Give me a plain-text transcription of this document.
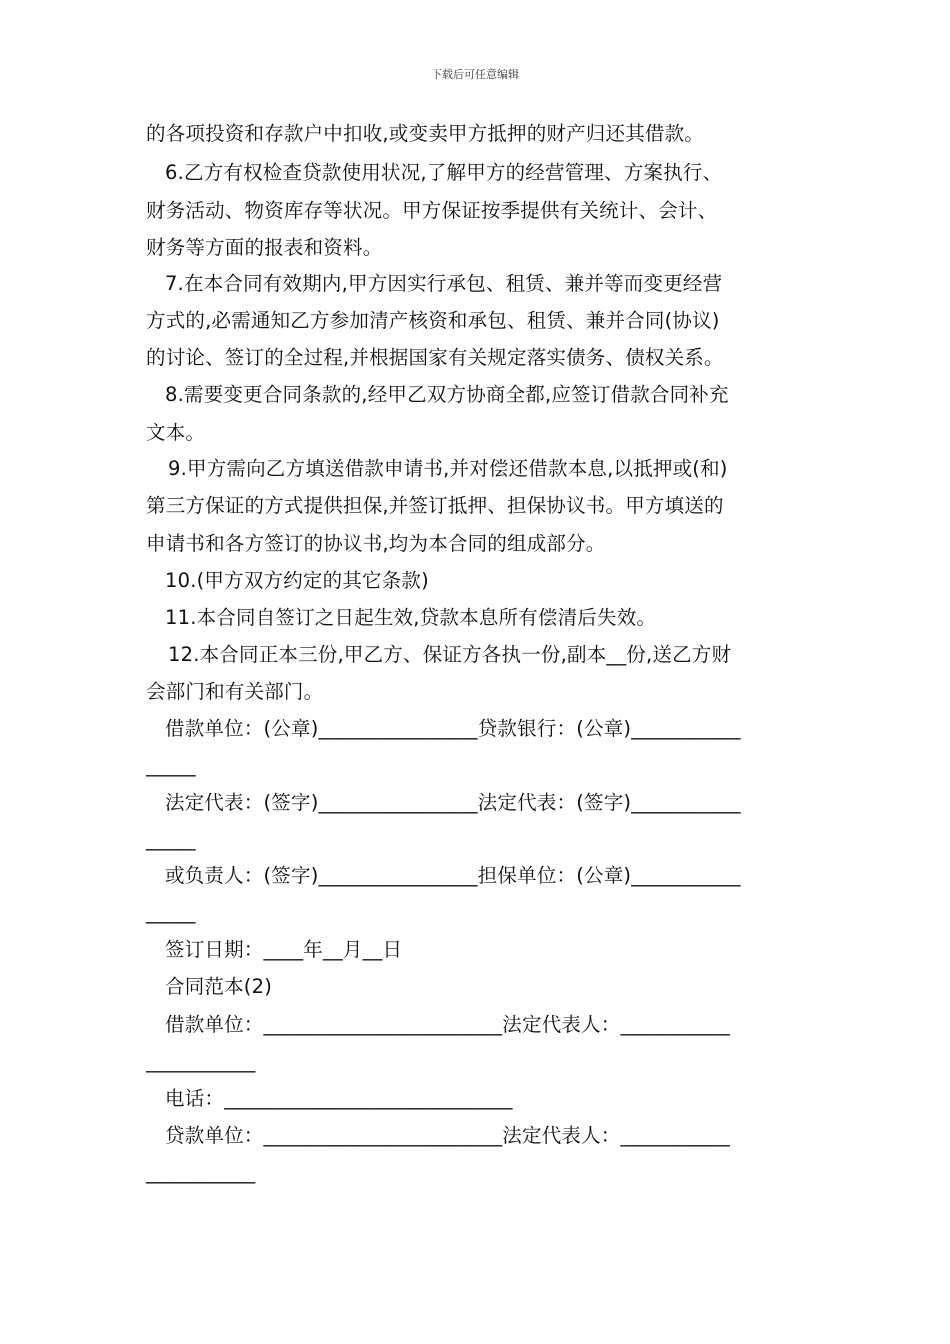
下载后可任意编辑
的各项投资和存款户中扣收,或变卖甲方抵押的财产归还其借款。
6.乙方有权检查贷款使用状况,了解甲方的经营管理、方案执行、
财务活动、物资库存等状况。甲方保证按季提供有关统计、会计、
财务等方面的报表和资料。
7.在本合同有效期内,甲方因实行承包、租赁、兼并等而变更经营
方式的,必需通知乙方参加清产核资和承包、租赁、兼并合同(协议)
的讨论、签订的全过程,并根据国家有关规定落实债务、债权关系。
8.需要变更合同条款的,经甲乙双方协商全都,应签订借款合同补充
文本。
9.甲方需向乙方填送借款申请书,并对偿还借款本息,以抵押或(和)
第三方保证的方式提供担保,并签订抵押、担保协议书。甲方填送的
申请书和各方签订的协议书,均为本合同的组成部分。
10.(甲方双方约定的其它条款)
11.本合同自签订之日起生效,贷款本息所有偿清后失效。
12.本合同正本三份,甲乙方、保证方各执一份,副本__份,送乙方财
会部门和有关部门。
借款单位：(公章)________________贷款银行：(公章)___________
_____
法定代表：(签字)________________法定代表：(签字)___________
_____
或负责人：(签字)________________担保单位：(公章)___________
_____
签订日期：____年__月__日
合同范本(2)
借款单位：________________________法定代表人：___________
___________
电话：_____________________________
贷款单位：________________________法定代表人：___________
___________
